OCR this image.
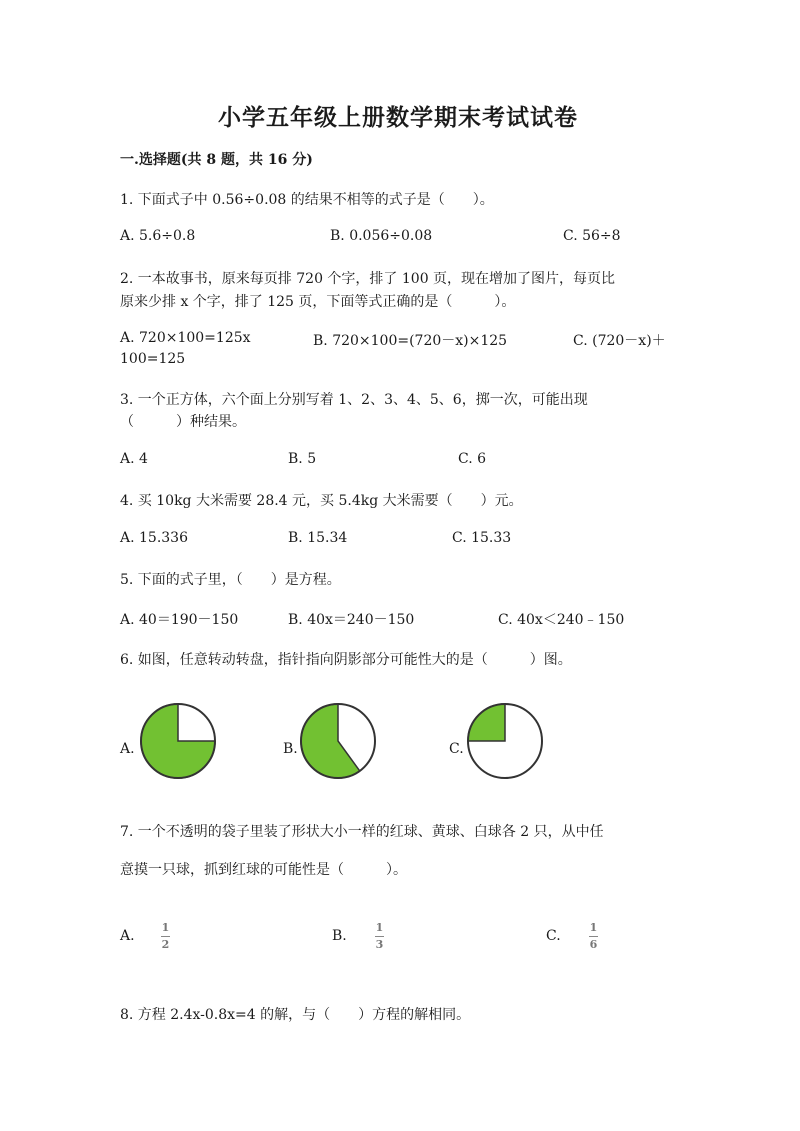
小学五年级上册数学期末考试试卷
一.选择题(共 8 题，共 16 分)
1. 下面式子中 0.56÷0.08 的结果不相等的式子是（　　）。
A. 5.6÷0.8	B. 0.056÷0.08	C. 56÷8
2. 一本故事书，原来每页排 720 个字，排了 100 页，现在增加了图片，每页比
原来少排 x 个字，排了 125 页，下面等式正确的是（　　　）。
A. 720×100=125x	B. 720×100=(720－x)×125	C. (720－x)＋
100=125
3. 一个正方体，六个面上分别写着 1、2、3、4、5、6，掷一次，可能出现
（　　　）种结果。
A. 4	B. 5	C. 6
4. 买 10kg 大米需要 28.4 元，买 5.4kg 大米需要（　　）元。
A. 15.336	B. 15.34	C. 15.33
5. 下面的式子里，（　　）是方程。
A. 40＝190－150	B. 40x＝240－150	C. 40x＜240﹣150
6. 如图，任意转动转盘，指针指向阴影部分可能性大的是（　　　）图。
A.	B.	C.
7. 一个不透明的袋子里装了形状大小一样的红球、黄球、白球各 2 只，从中任
意摸一只球，抓到红球的可能性是（　　　）。
A.
1
2
B.
1
3
C.
1
6
8. 方程 2.4x-0.8x=4 的解，与（　　）方程的解相同。
